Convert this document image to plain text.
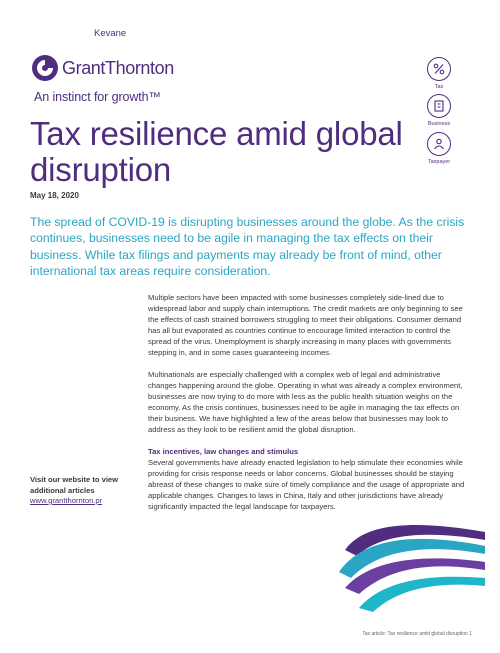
Kevane
GrantThornton
An instinct for growth™
Tax
Business
Taxpayer
Tax resilience amid global disruption
May 18, 2020
The spread of COVID-19 is disrupting businesses around the globe. As the crisis continues, businesses need to be agile in managing the tax effects on their business. While tax filings and payments may already be front of mind, other international tax areas require consideration.

Multiple sectors have been impacted with some businesses completely side-lined due to widespread labor and supply chain interruptions. The credit markets are only beginning to see the effects of cash strained borrowers struggling to meet their obligations. Consumer demand has all but evaporated as countries continue to encourage limited interaction to control the spread of the virus. Unemployment is sharply increasing in many places with governments stepping in, and in some cases guaranteeing incomes.

Multinationals are especially challenged with a complex web of legal and administrative changes happening around the globe. Operating in what was already a complex environment, businesses are now trying to do more with less as the public health situation weighs on the economy. As the crisis continues, businesses need to be agile in managing the tax effects on their business. We have highlighted a few of the areas below that businesses may look to address as they look to be resilient amid the global disruption.

Tax incentives, law changes and stimulus

Several governments have already enacted legislation to help stimulate their economies while providing for crisis response needs or labor concerns. Global businesses should be staying abreast of these changes to make sure of timely compliance and the usage of appropriate and applicable changes. Changes to laws in China, Italy and other jurisdictions have already significantly impacted the legal landscape for taxpayers.

Visit our website to view additional articles
www.grantthornton.pr
Tax article: Tax resilience amid global disruption 1
